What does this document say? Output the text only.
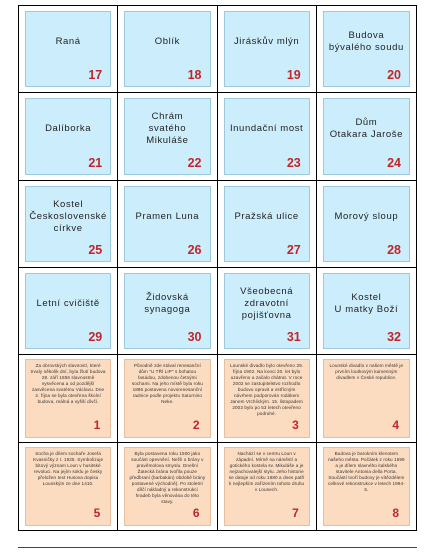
Raná
17
Oblík
18
Jiráskův mlýn
19
Budova
bývalého soudu
20
Dalíborka
21
Chrám
svatého Mikuláše
22
Inundační most
23
Dům
Otakara Jaroše
24
Kostel
Československé
církve
25
Pramen Luna
26
Pražská ulice
27
Morový sloup
28
Letní cvičiště
29
Židovská synagoga
30
Všeobecná
zdravotní
pojišťovna
31
Kostel
U matky Boží
32
Za obrovských slavností, které trvaly několik dní, byla žlutí budova 28. září 1856 slavnostně vysvěcena a od pozdější zasvěcena svatému Václavu. Dne 2. října se byla otevřena školní budova, reálná a vyšší dívčí.
1
Původně zde stával renesanční dům "U TŘÍ LIP" s bohatou fasádou, zdobenou četnými sochami. Na jeho místě byla roku 1886 postavena novorenesanční radnice podle projektu Saturnino Neke.
2
Lounské divadlo bylo otevřeno 29. října 1902. Na konci 20. let bylo uzavřeno a začalo chátrat. V roce 2002 se zastupitelstvo rozhodlo budovu opravit a vstřícným návrhem podporován rodákem Janem Vrchlickým. 15. listopadem 2003 bylo po 53 letech otevřeno podruhé.
3
Lounské divadlo v našem městě je prvním loutkovým kamenným divadlem v České republice.
4
Socha je dílem sochaře Josefa Kvasničky z r. 1925. Symbolizuje bitový význam Loun v husitské revoluci. Na jejím soklu je česky přeložen text Husova dopisu Lounským ze dne 1410.
5
Byla postavena roku 1500 jako součást opevnění. Nežli o brány v pravěmolova smyslu. Dnešní Žatecká brána tvořila pouze předbraní (barbakán) obdobě brány postavené východně). Po stoletní dílčí nákladný a rekonstrukci hradeb byla věnována do této stavy.
6
Nachází se v centru Loun v západní. Mírně na náměstí a gotického kostela sv. Mikuláše a je nejzachovalejší stylu. Jeho historie se datuje od roku 1880 a dnes patří k nejlepším zařízením tohoto druhu v Lounech.
7
Budova je barokním klenotem našeho města. Počátek z roku 1599 a je dílem slavného italského stavitele Antonia della Porta. Součástí tvoří budovy je vítězdélem celkové rekonstrukce v letech 1994-5.
8
